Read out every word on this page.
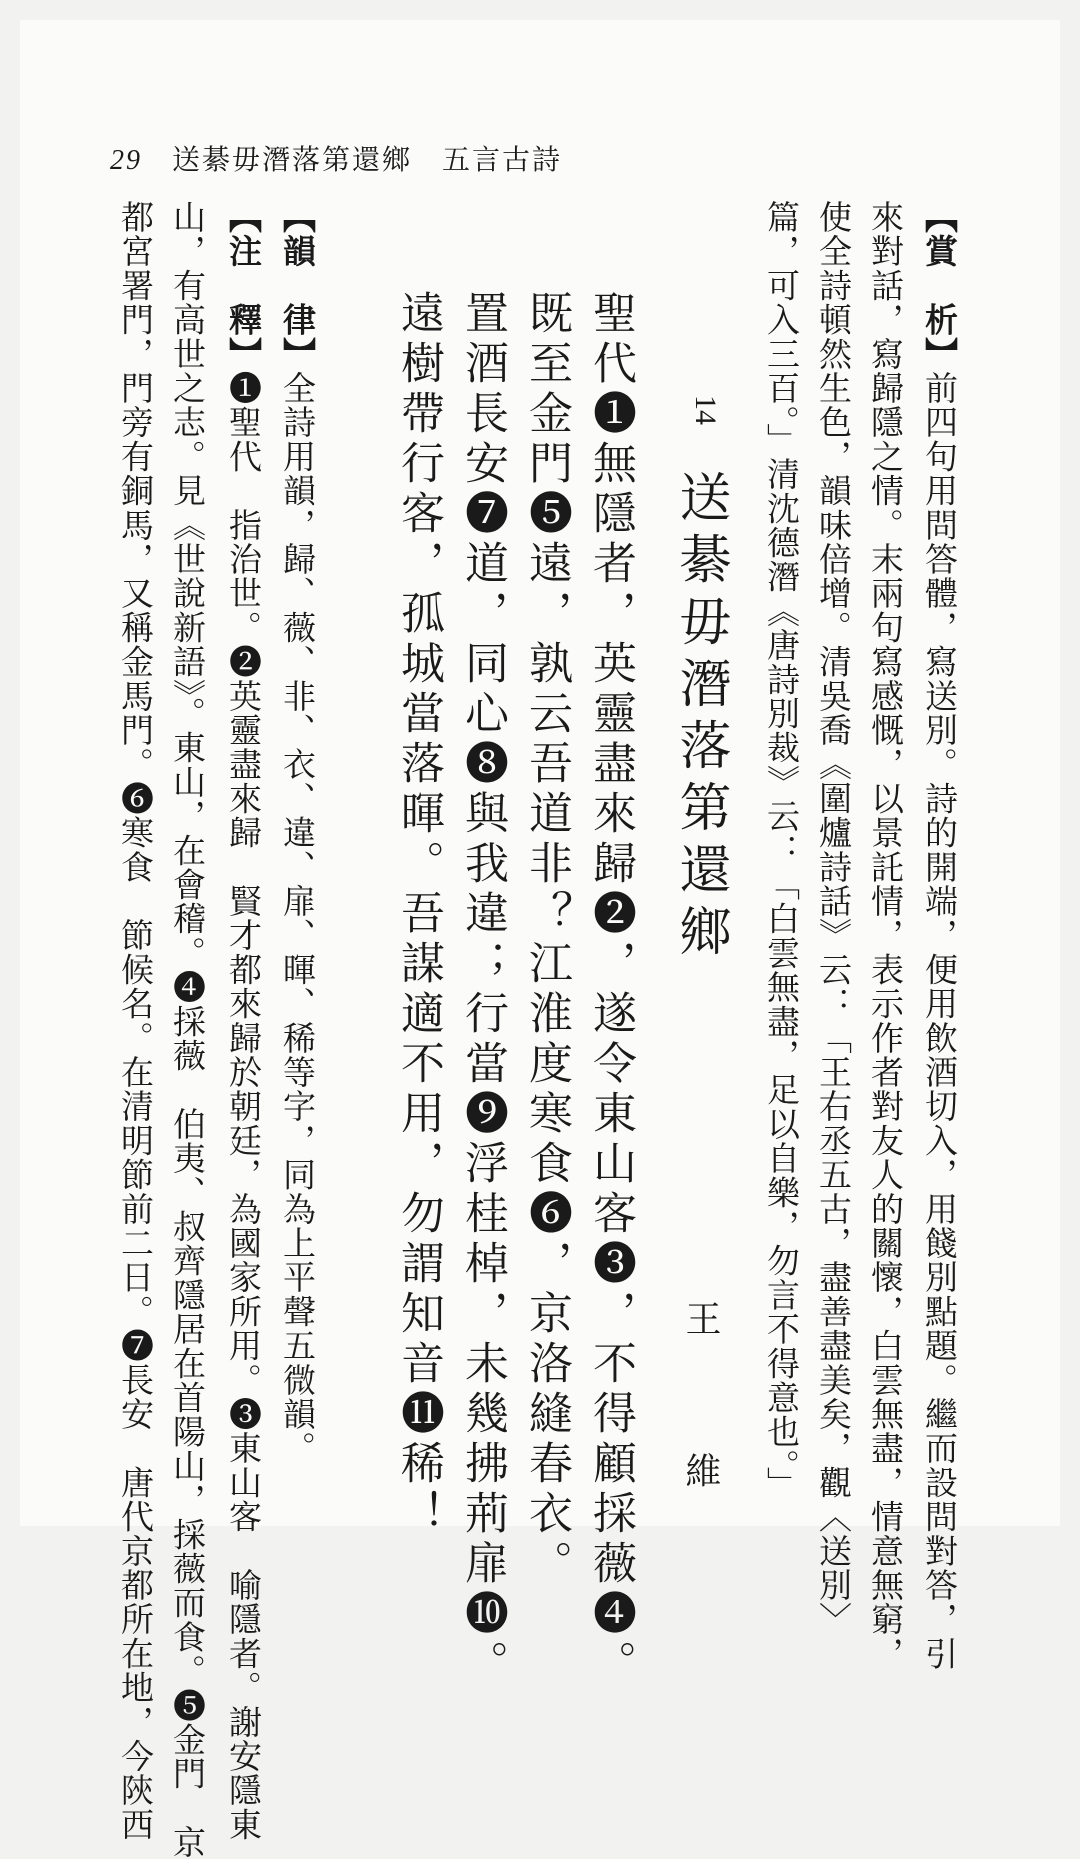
29 送綦毋潛落第還鄉　五言古詩
【賞　析】前四句用問答體，寫送別。詩的開端，便用飲酒切入，用餞別點題。繼而設問對答，引
來對話，寫歸隱之情。末兩句寫感慨，以景託情，表示作者對友人的關懷，白雲無盡，情意無窮，
使全詩頓然生色，韻味倍增。清吳喬《圍爐詩話》云：「王右丞五古，盡善盡美矣，觀〈送別〉
篇，可入三百。」清沈德潛《唐詩別裁》云：「白雲無盡，足以自樂，勿言不得意也。」
14
送綦毋潛落第還鄉
王　維
聖代❶無隱者，英靈盡來歸❷，遂令東山客❸，不得顧採薇❹。
既至金門❺遠，孰云吾道非？江淮度寒食❻，京洛縫春衣。
置酒長安❼道，同心❽與我違；行當❾浮桂棹，未幾拂荊扉❿。
遠樹帶行客，孤城當落暉。吾謀適不用，勿謂知音⓫稀！
【韻　律】全詩用韻，歸、薇、非、衣、違、扉、暉、稀等字，同為上平聲五微韻。
【注　釋】❶聖代　指治世。❷英靈盡來歸　賢才都來歸於朝廷，為國家所用。❸東山客　喻隱者。謝安隱東
山，有高世之志。見《世說新語》。東山，在會稽。❹採薇　伯夷、叔齊隱居在首陽山，採薇而食。❺金門　京
都宮署門，門旁有銅馬，又稱金馬門。❻寒食　節候名。在清明節前二日。❼長安　唐代京都所在地，今陝西
